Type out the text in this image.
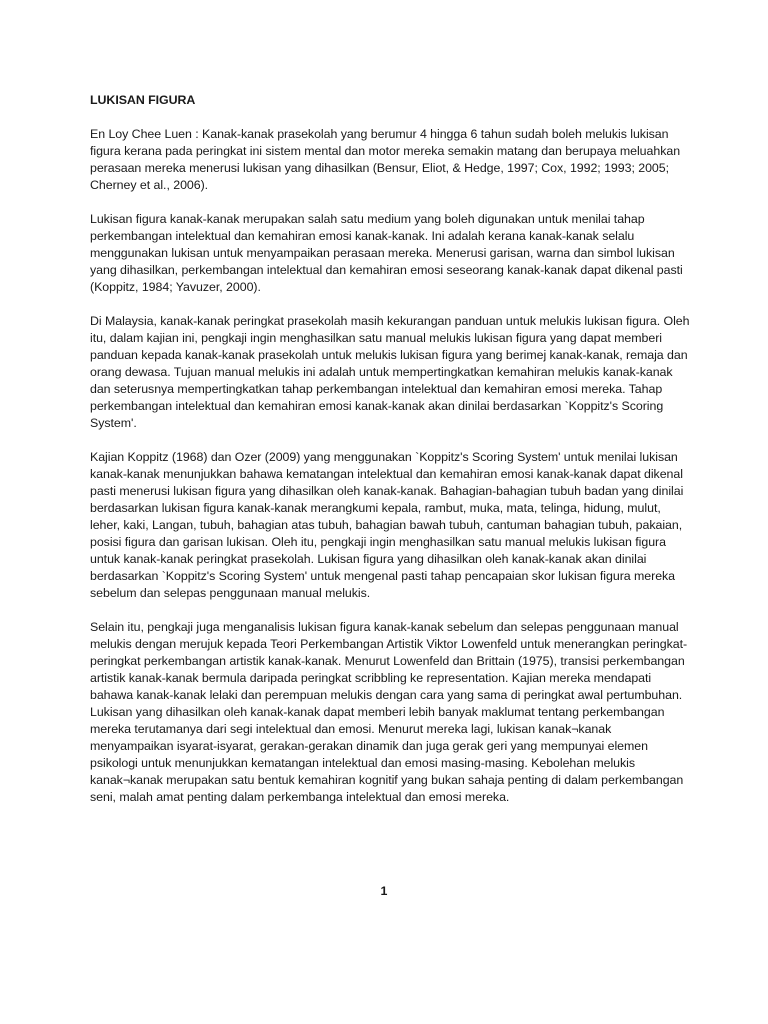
LUKISAN FIGURA

En Loy Chee Luen : Kanak-kanak prasekolah yang berumur 4 hingga 6 tahun sudah boleh melukis lukisan figura kerana pada peringkat ini sistem mental dan motor mereka semakin matang dan berupaya meluahkan perasaan mereka menerusi lukisan yang dihasilkan (Bensur, Eliot, & Hedge, 1997; Cox, 1992; 1993; 2005; Cherney et al., 2006).

Lukisan figura kanak-kanak merupakan salah satu medium yang boleh digunakan untuk menilai tahap perkembangan intelektual dan kemahiran emosi kanak-kanak. Ini adalah kerana kanak-kanak selalu menggunakan lukisan untuk menyampaikan perasaan mereka. Menerusi garisan, warna dan simbol lukisan yang dihasilkan, perkembangan intelektual dan kemahiran emosi seseorang kanak-kanak dapat dikenal pasti (Koppitz, 1984; Yavuzer, 2000).

Di Malaysia, kanak-kanak peringkat prasekolah masih kekurangan panduan untuk melukis lukisan figura. Oleh itu, dalam kajian ini, pengkaji ingin menghasilkan satu manual melukis lukisan figura yang dapat memberi panduan kepada kanak-kanak prasekolah untuk melukis lukisan figura yang berimej kanak-kanak, remaja dan orang dewasa. Tujuan manual melukis ini adalah untuk mempertingkatkan kemahiran melukis kanak-kanak dan seterusnya mempertingkatkan tahap perkembangan intelektual dan kemahiran emosi mereka. Tahap perkembangan intelektual dan kemahiran emosi kanak-kanak akan dinilai berdasarkan `Koppitz's Scoring System'.

Kajian Koppitz (1968) dan Ozer (2009) yang menggunakan `Koppitz's Scoring System' untuk menilai lukisan kanak-kanak menunjukkan bahawa kematangan intelektual dan kemahiran emosi kanak-kanak dapat dikenal pasti menerusi lukisan figura yang dihasilkan oleh kanak-kanak. Bahagian-bahagian tubuh badan yang dinilai berdasarkan lukisan figura kanak-kanak merangkumi kepala, rambut, muka, mata, telinga, hidung, mulut, leher, kaki, Langan, tubuh, bahagian atas tubuh, bahagian bawah tubuh, cantuman bahagian tubuh, pakaian, posisi figura dan garisan lukisan. Oleh itu, pengkaji ingin menghasilkan satu manual melukis lukisan figura untuk kanak-kanak peringkat prasekolah. Lukisan figura yang dihasilkan oleh kanak-kanak akan dinilai berdasarkan `Koppitz's Scoring System' untuk mengenal pasti tahap pencapaian skor lukisan figura mereka sebelum dan selepas penggunaan manual melukis.

Selain itu, pengkaji juga menganalisis lukisan figura kanak-kanak sebelum dan selepas penggunaan manual melukis dengan merujuk kepada Teori Perkembangan Artistik Viktor Lowenfeld untuk menerangkan peringkat-peringkat perkembangan artistik kanak-kanak. Menurut Lowenfeld dan Brittain (1975), transisi perkembangan artistik kanak-kanak bermula daripada peringkat scribbling ke representation. Kajian mereka mendapati bahawa kanak-kanak lelaki dan perempuan melukis dengan cara yang sama di peringkat awal pertumbuhan. Lukisan yang dihasilkan oleh kanak-kanak dapat memberi lebih banyak maklumat tentang perkembangan mereka terutamanya dari segi intelektual dan emosi. Menurut mereka lagi, lukisan kanak¬kanak menyampaikan isyarat-isyarat, gerakan-gerakan dinamik dan juga gerak geri yang mempunyai elemen psikologi untuk menunjukkan kematangan intelektual dan emosi masing-masing. Kebolehan melukis kanak¬kanak merupakan satu bentuk kemahiran kognitif yang bukan sahaja penting di dalam perkembangan seni, malah amat penting dalam perkembanga intelektual dan emosi mereka.

1
